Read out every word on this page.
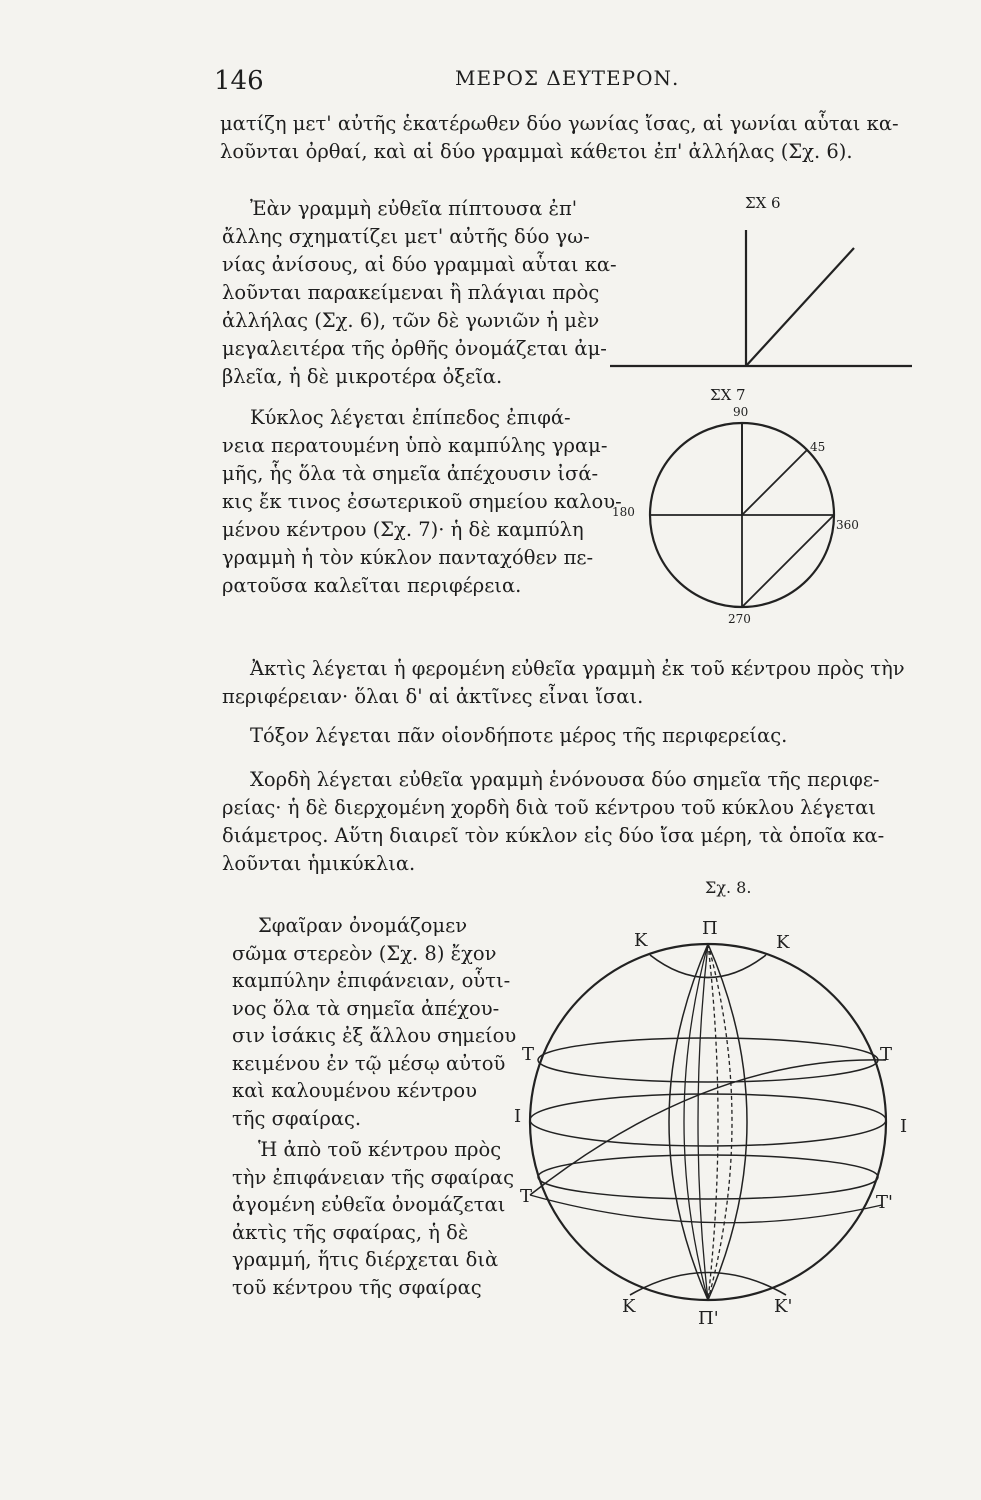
146	ΜΕΡΟΣ ΔΕΥΤΕΡΟΝ.
ματίζη μετ' αὐτῆς ἑκατέρωθεν δύο γωνίας ἴσας, αἱ γωνίαι αὗται κα-
λοῦνται ὀρθαί, καὶ αἱ δύο γραμμαὶ κάθετοι ἐπ' ἀλλήλας (Σχ. 6).
Ἐὰν γραμμὴ εὐθεῖα πίπτουσα ἐπ'
ἄλλης σχηματίζει μετ' αὐτῆς δύο γω-
νίας ἀνίσους, αἱ δύο γραμμαὶ αὗται κα-
λοῦνται παρακείμεναι ἢ πλάγιαι πρὸς
ἀλλήλας (Σχ. 6), τῶν δὲ γωνιῶν ἡ μὲν
μεγαλειτέρα τῆς ὀρθῆς ὀνομάζεται ἀμ-
βλεῖα, ἡ δὲ μικροτέρα ὀξεῖα.
Κύκλος λέγεται ἐπίπεδος ἐπιφά-
νεια περατουμένη ὑπὸ καμπύλης γραμ-
μῆς, ἧς ὅλα τὰ σημεῖα ἀπέχουσιν ἰσά-
κις ἔκ τινος ἐσωτερικοῦ σημείου καλου-
μένου κέντρου (Σχ. 7)· ἡ δὲ καμπύλη
γραμμὴ ἡ τὸν κύκλον πανταχόθεν πε-
ρατοῦσα καλεῖται περιφέρεια.
Ἀκτὶς λέγεται ἡ φερομένη εὐθεῖα γραμμὴ ἐκ τοῦ κέντρου πρὸς τὴν
περιφέρειαν· ὅλαι δ' αἱ ἀκτῖνες εἶναι ἴσαι.
Τόξον λέγεται πᾶν οἱονδήποτε μέρος τῆς περιφερείας.
Χορδὴ λέγεται εὐθεῖα γραμμὴ ἑνόνουσα δύο σημεῖα τῆς περιφε-
ρείας· ἡ δὲ διερχομένη χορδὴ διὰ τοῦ κέντρου τοῦ κύκλου λέγεται
διάμετρος. Αὕτη διαιρεῖ τὸν κύκλον εἰς δύο ἴσα μέρη, τὰ ὁποῖα κα-
λοῦνται ἡμικύκλια.
Σφαῖραν ὀνομάζομεν
σῶμα στερεὸν (Σχ. 8) ἔχον
καμπύλην ἐπιφάνειαν, οὗτι-
νος ὅλα τὰ σημεῖα ἀπέχου-
σιν ἰσάκις ἐξ ἄλλου σημείου
κειμένου ἐν τῷ μέσῳ αὐτοῦ
καὶ καλουμένου κέντρου
τῆς σφαίρας.
Ἡ ἀπὸ τοῦ κέντρου πρὸς
τὴν ἐπιφάνειαν τῆς σφαίρας
ἀγομένη εὐθεῖα ὀνομάζεται
ἀκτὶς τῆς σφαίρας, ἡ δὲ
γραμμή, ἥτις διέρχεται διὰ
τοῦ κέντρου τῆς σφαίρας
ΣΧ 6
ΣΧ 7
90
45
180
360
270
Σχ. 8.
Π
Κ	Κ
Τ	Τ
Ι	Ι
Τ	Τ'
Κ
Π'
Κ'
